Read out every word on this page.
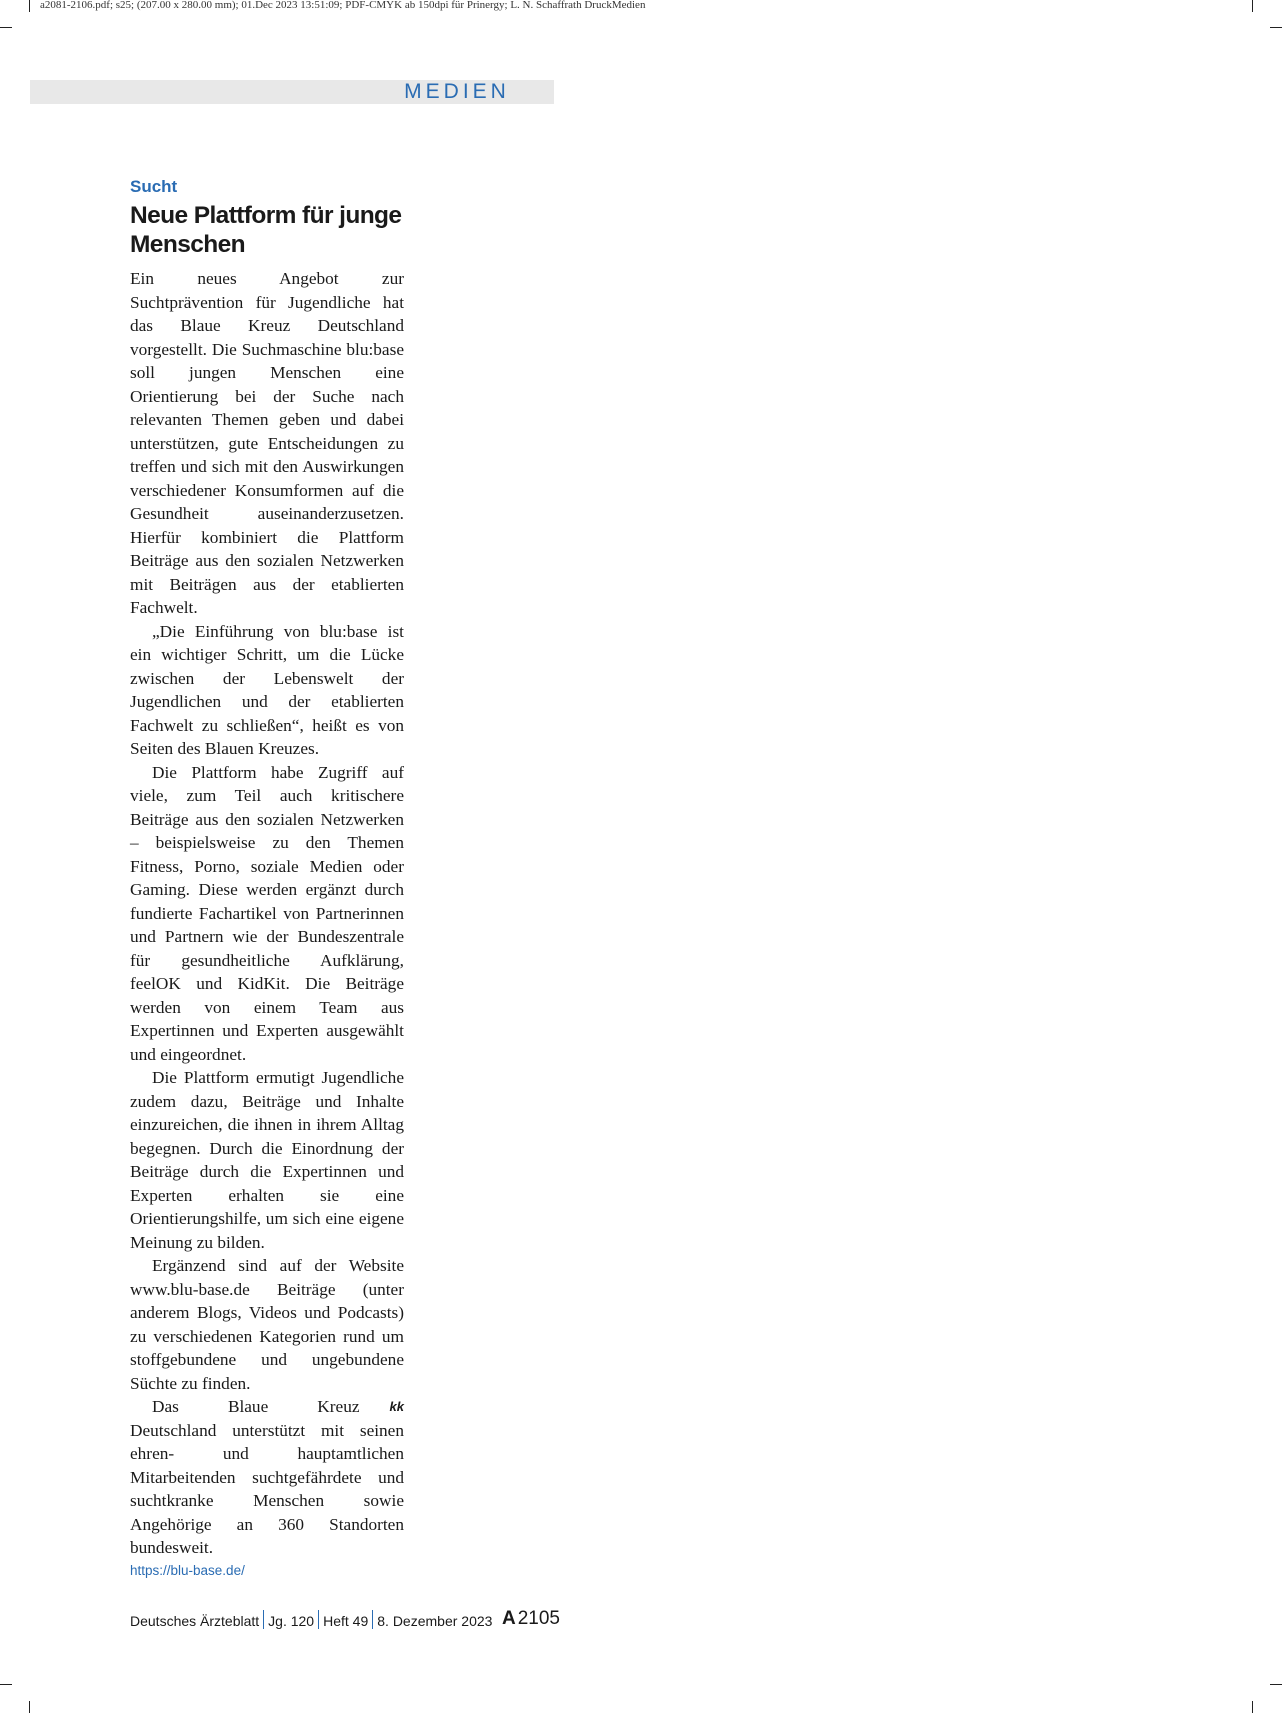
a2081-2106.pdf; s25; (207.00 x 280.00 mm); 01.Dec 2023 13:51:09; PDF-CMYK ab 150dpi für Prinergy; L. N. Schaffrath DruckMedien
MEDIEN
Sucht
Neue Plattform für junge Menschen

Ein neues Angebot zur Suchtprävention für Jugendliche hat das Blaue Kreuz Deutschland vorgestellt. Die Suchmaschine blu:base soll jungen Menschen eine Orientierung bei der Suche nach relevanten Themen geben und dabei unterstützen, gute Entscheidungen zu treffen und sich mit den Auswirkungen verschiedener Konsumformen auf die Gesundheit auseinanderzusetzen. Hierfür kombiniert die Plattform Beiträge aus den sozialen Netzwerken mit Beiträgen aus der etablierten Fachwelt.

„Die Einführung von blu:base ist ein wichtiger Schritt, um die Lücke zwischen der Lebenswelt der Jugendlichen und der etablierten Fachwelt zu schließen“, heißt es von Seiten des Blauen Kreuzes.

Die Plattform habe Zugriff auf viele, zum Teil auch kritischere Beiträge aus den sozialen Netzwerken – beispielsweise zu den Themen Fitness, Porno, soziale Medien oder Gaming. Diese werden ergänzt durch fundierte Fachartikel von Partnerinnen und Partnern wie der Bundeszentrale für gesundheitliche Aufklärung, feelOK und KidKit. Die Beiträge werden von einem Team aus Expertinnen und Experten ausgewählt und eingeordnet.

Die Plattform ermutigt Jugendliche zudem dazu, Beiträge und Inhalte einzureichen, die ihnen in ihrem Alltag begegnen. Durch die Einordnung der Beiträge durch die Expertinnen und Experten erhalten sie eine Orientierungshilfe, um sich eine eigene Meinung zu bilden.

Ergänzend sind auf der Website www.blu-base.de Beiträge (unter anderem Blogs, Videos und Podcasts) zu verschiedenen Kategorien rund um stoffgebundene und ungebundene Süchte zu finden.

kk
Das Blaue Kreuz Deutschland unterstützt mit seinen ehren- und hauptamtlichen Mitarbeitenden suchtgefährdete und suchtkranke Menschen sowie Angehörige an 360 Standorten bundesweit.

https://blu-base.de/
Deutsches Ärzteblatt Jg. 120 Heft 49 8. Dezember 2023 A 2105
